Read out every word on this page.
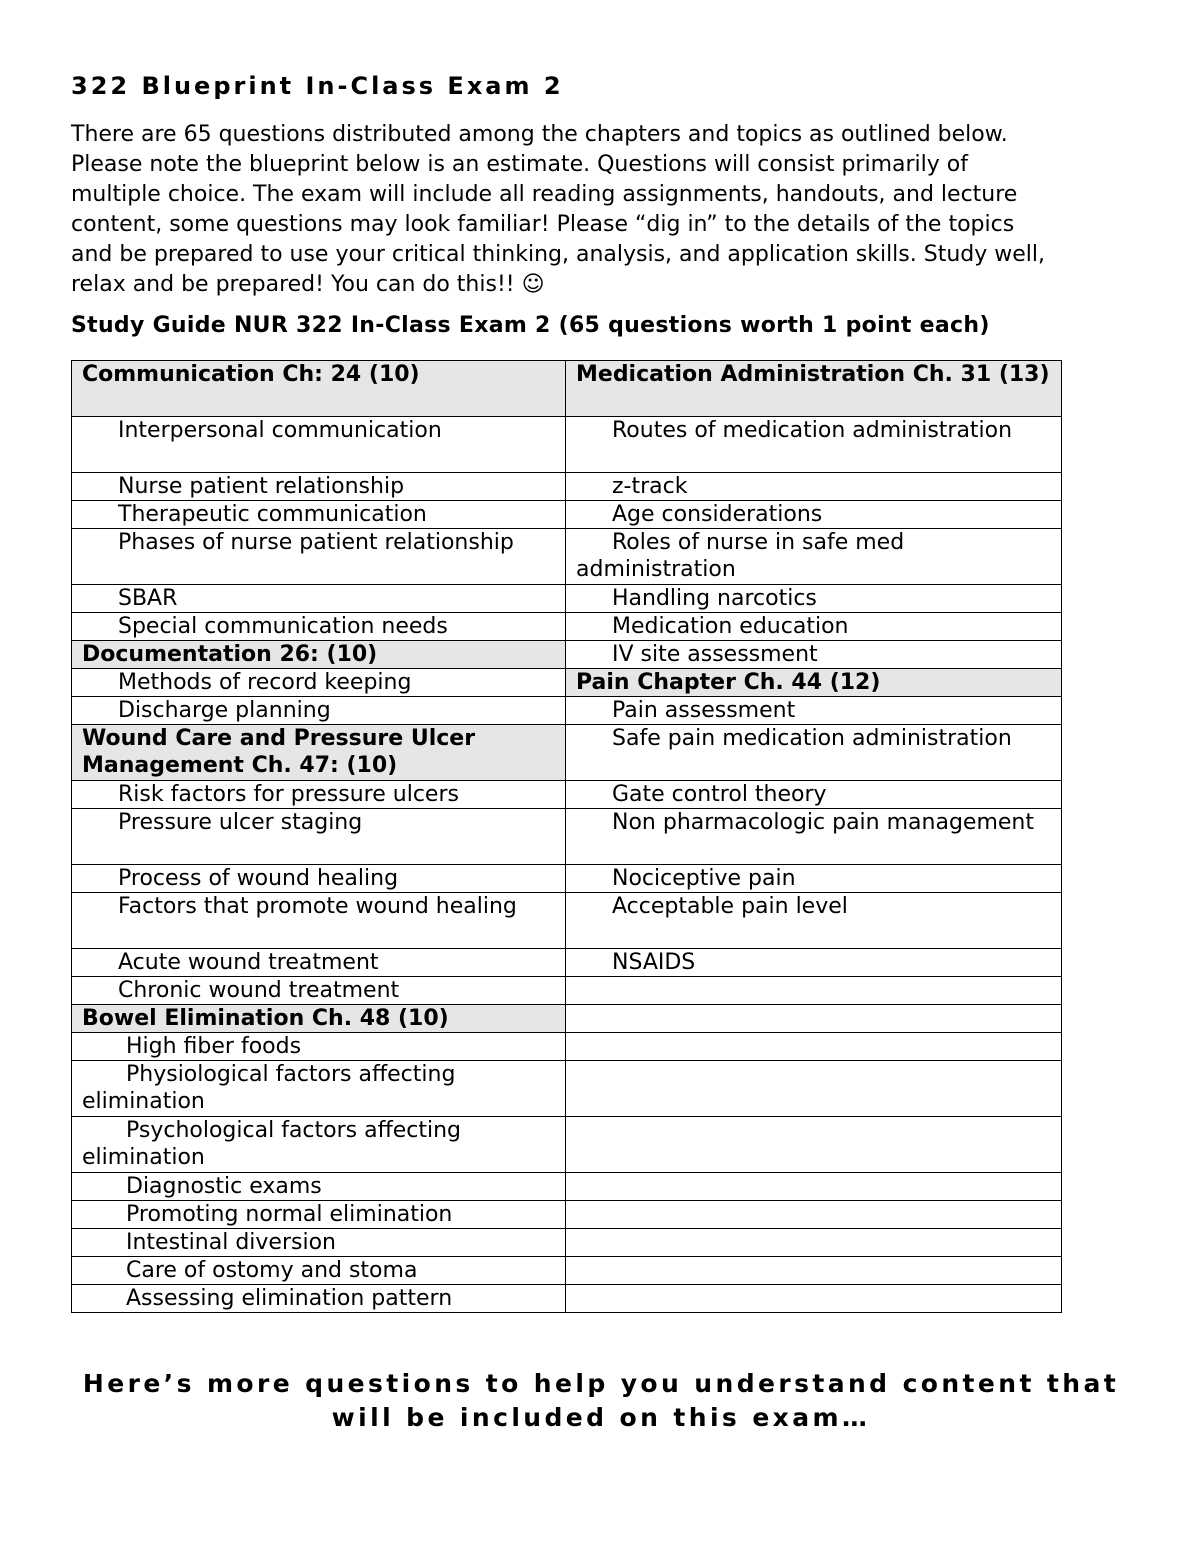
322 Blueprint In-Class Exam 2
There are 65 questions distributed among the chapters and topics as outlined below.
Please note the blueprint below is an estimate. Questions will consist primarily of
multiple choice. The exam will include all reading assignments, handouts, and lecture
content, some questions may look familiar! Please “dig in” to the details of the topics
and be prepared to use your critical thinking, analysis, and application skills. Study well,
relax and be prepared! You can do this!! ☺
Study Guide NUR 322 In-Class Exam 2 (65 questions worth 1 point each)
Communication Ch: 24 (10)	Medication Administration Ch. 31 (13)
Interpersonal communication	Routes of medication administration
Nurse patient relationship	z-track
Therapeutic communication	Age considerations
Phases of nurse patient relationship	Roles of nurse in safe med administration
SBAR	Handling narcotics
Special communication needs	Medication education
Documentation 26: (10)	IV site assessment
Methods of record keeping	Pain Chapter Ch. 44 (12)
Discharge planning	Pain assessment
Wound Care and Pressure Ulcer Management Ch. 47: (10)	Safe pain medication administration
Risk factors for pressure ulcers	Gate control theory
Pressure ulcer staging	Non pharmacologic pain management
Process of wound healing	Nociceptive pain
Factors that promote wound healing	Acceptable pain level
Acute wound treatment	NSAIDS
Chronic wound treatment	
Bowel Elimination Ch. 48 (10)	
High fiber foods	
Physiological factors affecting elimination	
Psychological factors affecting elimination	
Diagnostic exams	
Promoting normal elimination	
Intestinal diversion	
Care of ostomy and stoma	
Assessing elimination pattern	
Here’s more questions to help you understand content that
will be included on this exam…
